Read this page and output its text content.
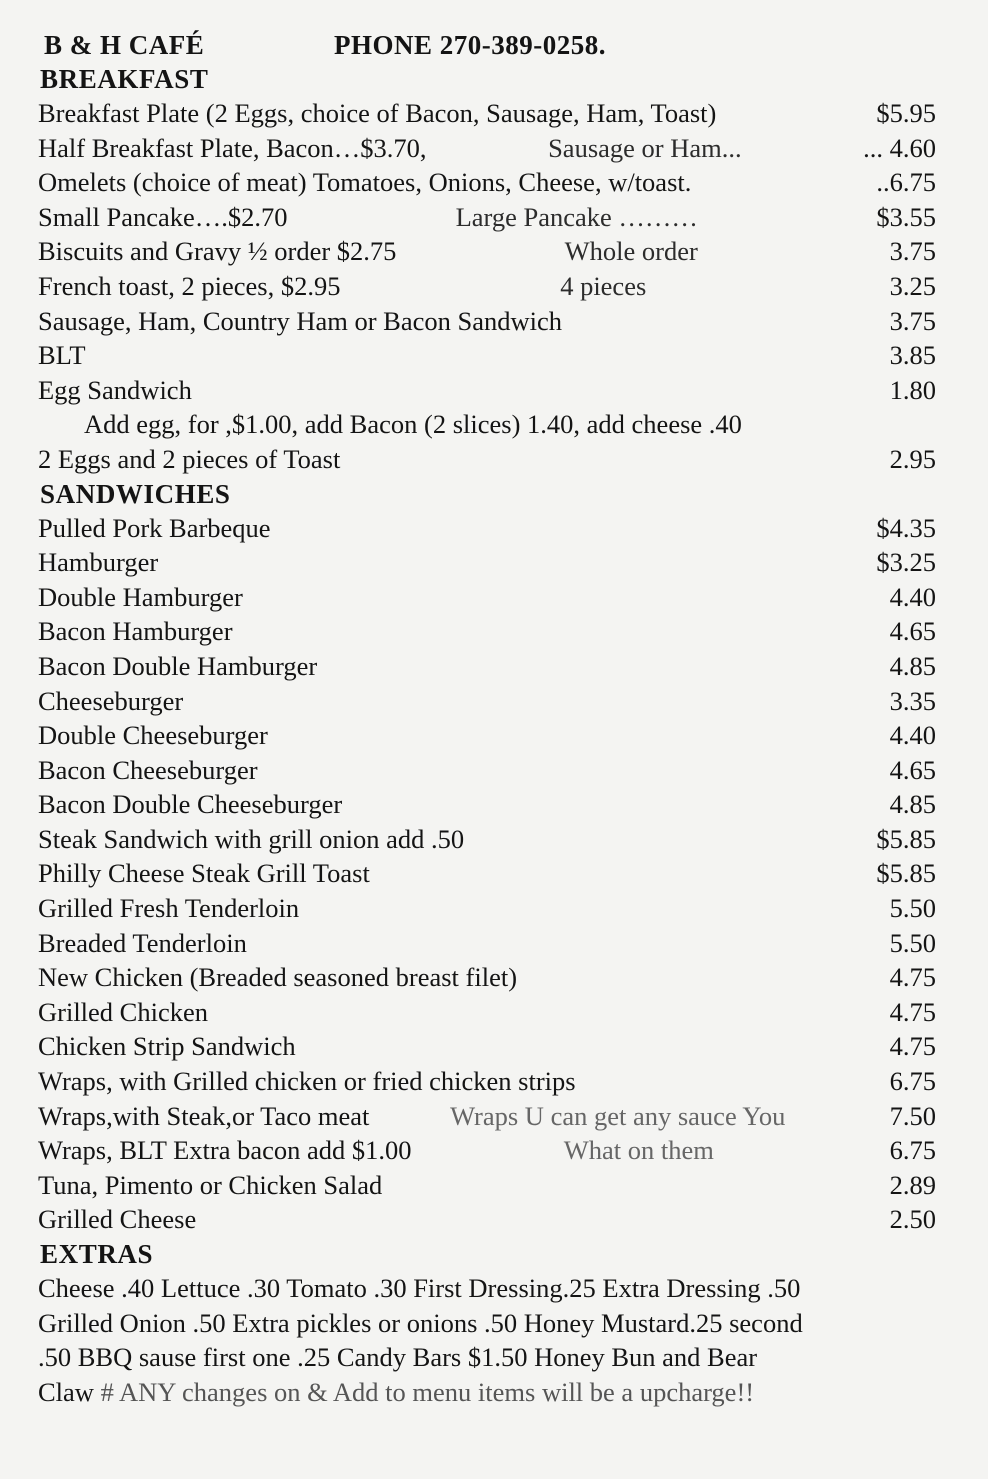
B & H CAFÉ	PHONE 270-389-0258.
BREAKFAST
Breakfast Plate (2 Eggs, choice of Bacon, Sausage, Ham, Toast)	$5.95
Half Breakfast Plate, Bacon…$3.70,	Sausage or Ham...	... 4.60
Omelets (choice of meat) Tomatoes, Onions, Cheese, w/toast.	..6.75
Small Pancake….$2.70	Large Pancake ………	$3.55
Biscuits and Gravy ½ order $2.75	Whole order	3.75
French toast, 2 pieces, $2.95	4 pieces	3.25
Sausage, Ham, Country Ham or Bacon Sandwich	3.75
BLT	3.85
Egg Sandwich	1.80
Add egg, for ,$1.00, add Bacon (2 slices) 1.40, add cheese .40
2 Eggs and 2 pieces of Toast	2.95
SANDWICHES
Pulled Pork Barbeque	$4.35
Hamburger	$3.25
Double Hamburger	4.40
Bacon Hamburger	4.65
Bacon Double Hamburger	4.85
Cheeseburger	3.35
Double Cheeseburger	4.40
Bacon Cheeseburger	4.65
Bacon Double Cheeseburger	4.85
Steak Sandwich with grill onion add .50	$5.85
Philly Cheese Steak Grill Toast	$5.85
Grilled Fresh Tenderloin	5.50
Breaded Tenderloin	5.50
New Chicken (Breaded seasoned breast filet)	4.75
Grilled Chicken	4.75
Chicken Strip Sandwich	4.75
Wraps, with Grilled chicken or fried chicken strips	6.75
Wraps,with Steak,or Taco meat	Wraps U can get any sauce You	7.50
Wraps, BLT Extra bacon add $1.00	What on them	6.75
Tuna, Pimento or Chicken Salad	2.89
Grilled Cheese	2.50
EXTRAS

Cheese .40 Lettuce .30 Tomato .30 First Dressing.25 Extra Dressing .50

Grilled Onion .50 Extra pickles or onions .50 Honey Mustard.25 second

.50 BBQ sause first one .25 Candy Bars $1.50 Honey Bun and Bear

Claw # ANY changes on & Add to menu items will be a upcharge!!
